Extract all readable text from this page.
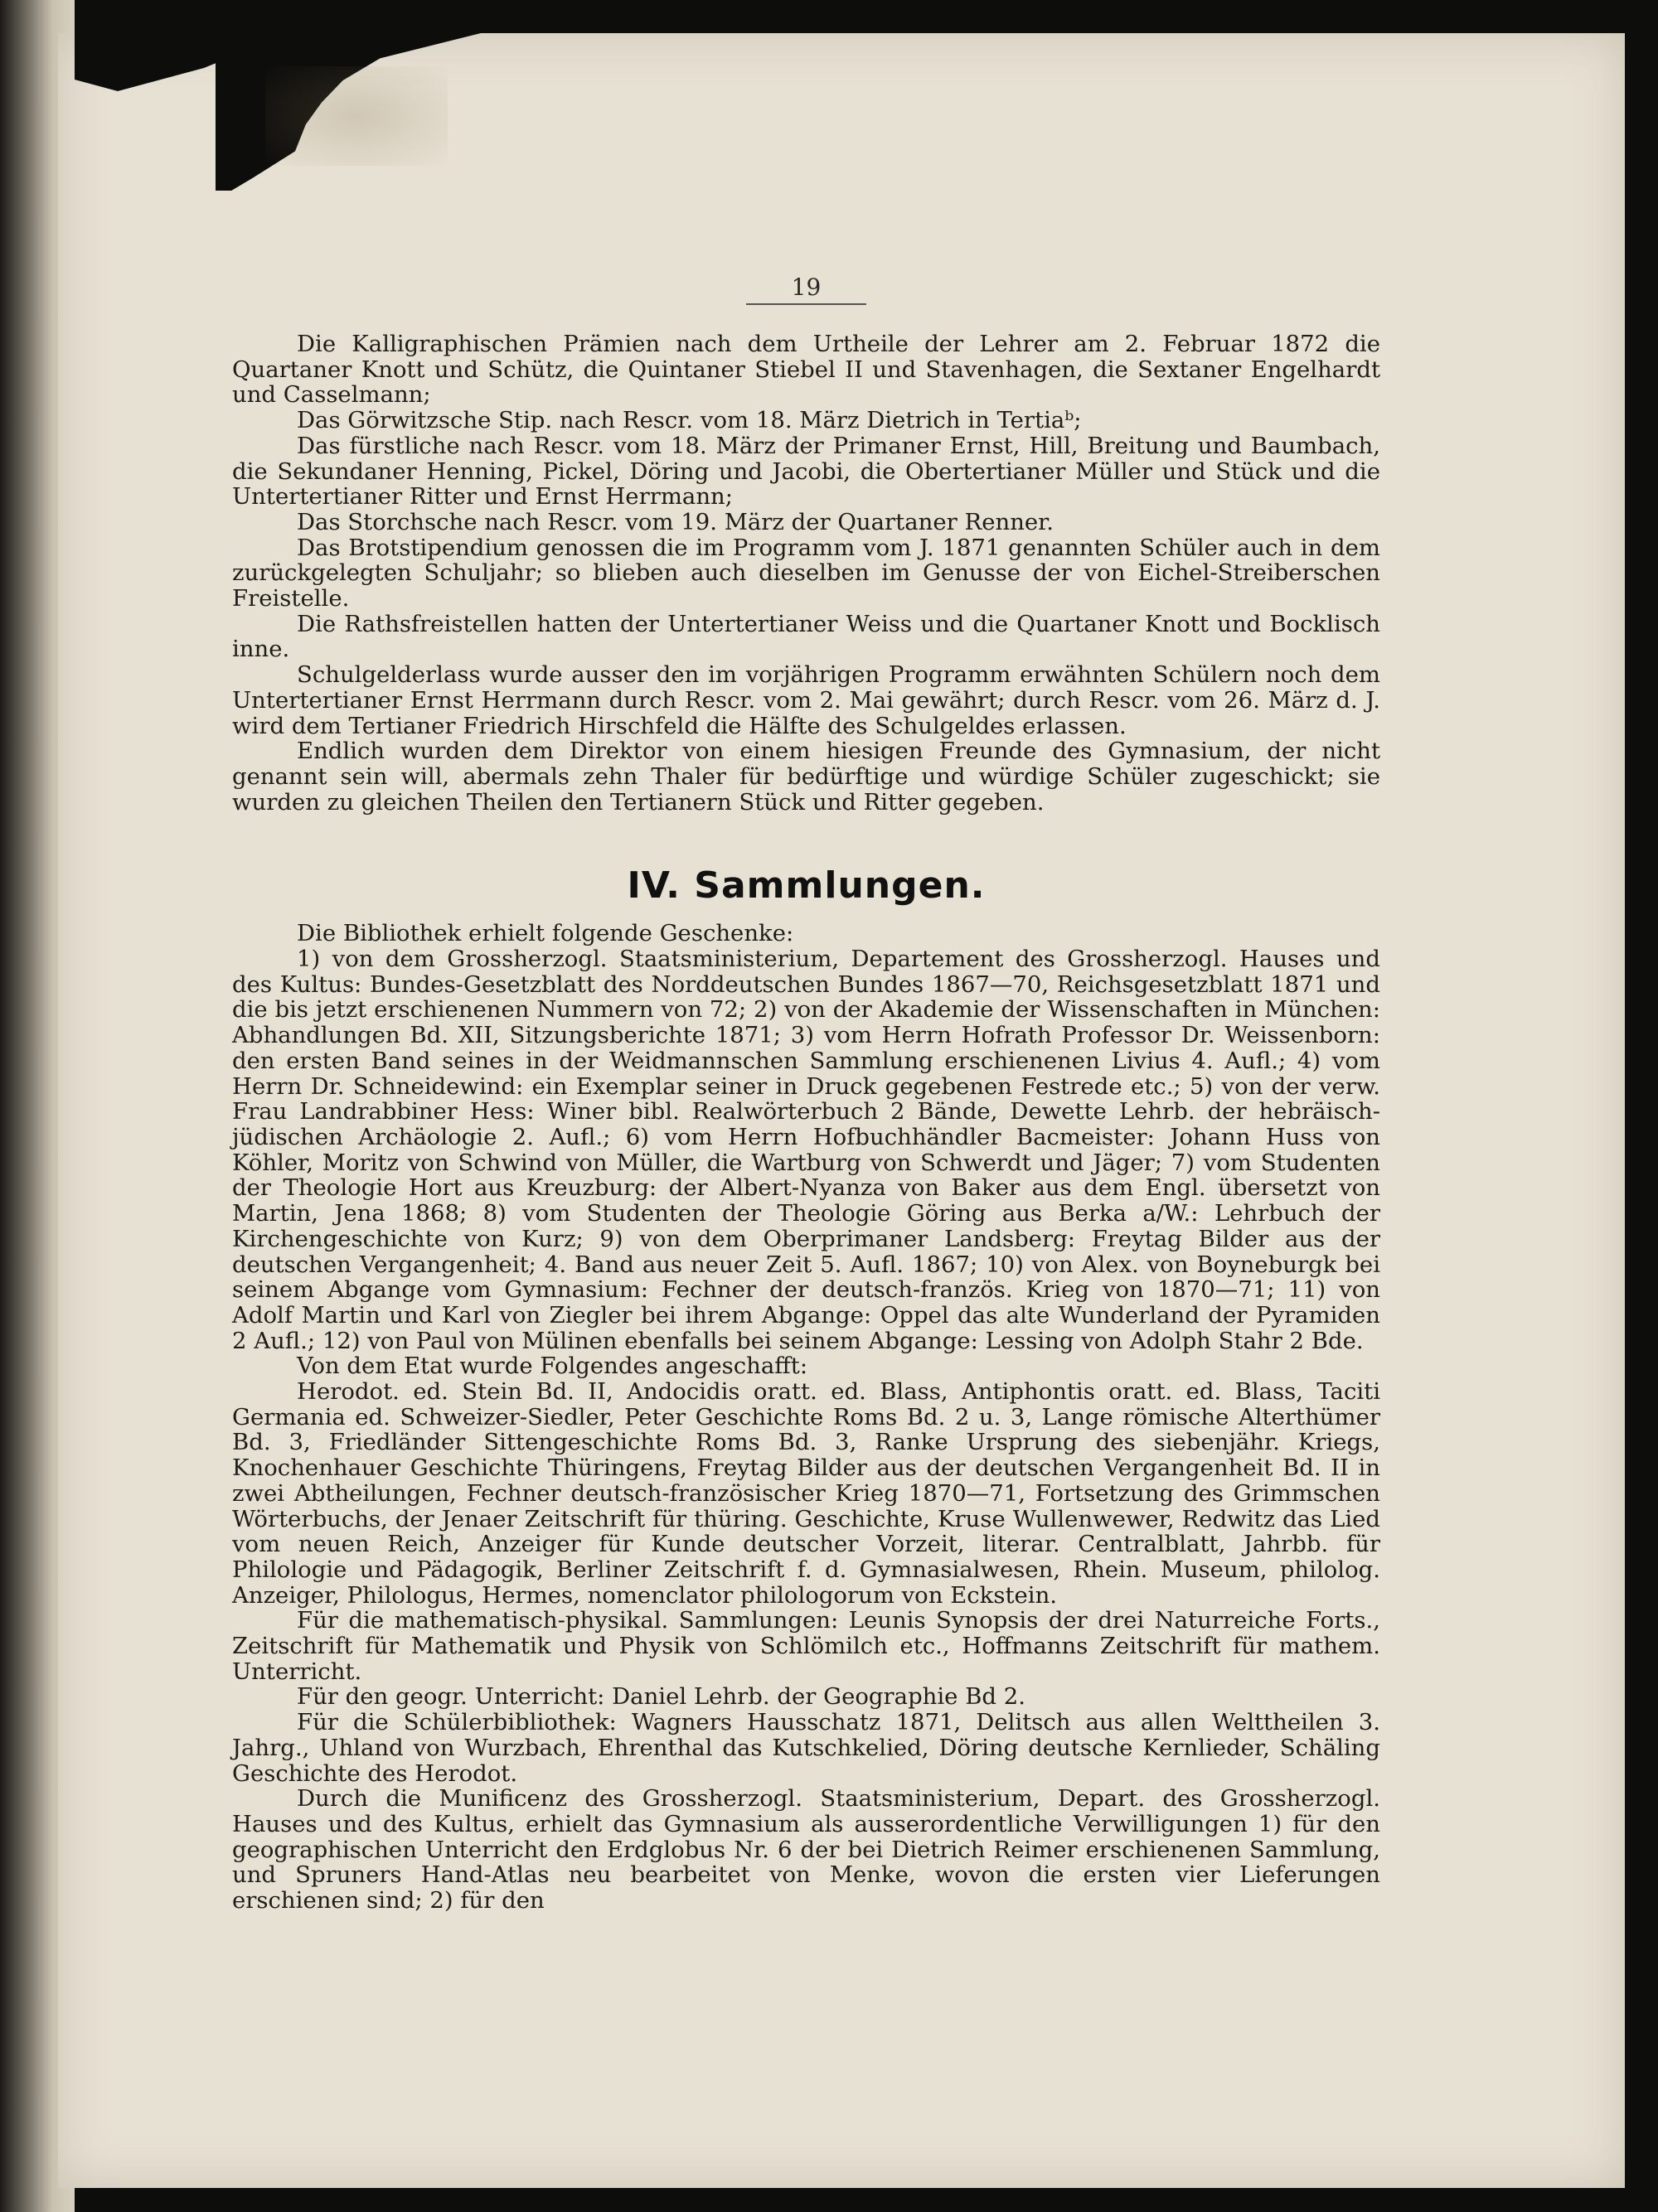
19

Die Kalligraphischen Prämien nach dem Urtheile der Lehrer am 2. Februar 1872 die Quartaner Knott und Schütz, die Quintaner Stiebel II und Stavenhagen, die Sextaner Engelhardt und Casselmann;

Das Görwitzsche Stip. nach Rescr. vom 18. März Dietrich in Tertiaᵇ;

Das fürstliche nach Rescr. vom 18. März der Primaner Ernst, Hill, Breitung und Baumbach, die Sekundaner Henning, Pickel, Döring und Jacobi, die Obertertianer Müller und Stück und die Untertertianer Ritter und Ernst Herrmann;

Das Storchsche nach Rescr. vom 19. März der Quartaner Renner.

Das Brotstipendium genossen die im Programm vom J. 1871 genannten Schüler auch in dem zurückgelegten Schuljahr; so blieben auch dieselben im Genusse der von Eichel-Streiberschen Freistelle.

Die Rathsfreistellen hatten der Untertertianer Weiss und die Quartaner Knott und Bocklisch inne.

Schulgelderlass wurde ausser den im vorjährigen Programm erwähnten Schülern noch dem Untertertianer Ernst Herrmann durch Rescr. vom 2. Mai gewährt; durch Rescr. vom 26. März d. J. wird dem Tertianer Friedrich Hirschfeld die Hälfte des Schulgeldes erlassen.

Endlich wurden dem Direktor von einem hiesigen Freunde des Gymnasium, der nicht genannt sein will, abermals zehn Thaler für bedürftige und würdige Schüler zugeschickt; sie wurden zu gleichen Theilen den Tertianern Stück und Ritter gegeben.

IV. Sammlungen.

Die Bibliothek erhielt folgende Geschenke:

1) von dem Grossherzogl. Staatsministerium, Departement des Grossherzogl. Hauses und des Kultus: Bundes-Gesetzblatt des Norddeutschen Bundes 1867—70, Reichsgesetzblatt 1871 und die bis jetzt erschienenen Nummern von 72; 2) von der Akademie der Wissenschaften in München: Abhandlungen Bd. XII, Sitzungsberichte 1871; 3) vom Herrn Hofrath Professor Dr. Weissenborn: den ersten Band seines in der Weidmannschen Sammlung erschienenen Livius 4. Aufl.; 4) vom Herrn Dr. Schneidewind: ein Exemplar seiner in Druck gegebenen Festrede etc.; 5) von der verw. Frau Landrabbiner Hess: Winer bibl. Realwörterbuch 2 Bände, Dewette Lehrb. der hebräisch-jüdischen Archäologie 2. Aufl.; 6) vom Herrn Hofbuchhändler Bacmeister: Johann Huss von Köhler, Moritz von Schwind von Müller, die Wartburg von Schwerdt und Jäger; 7) vom Studenten der Theologie Hort aus Kreuzburg: der Albert-Nyanza von Baker aus dem Engl. übersetzt von Martin, Jena 1868; 8) vom Studenten der Theologie Göring aus Berka a/W.: Lehrbuch der Kirchengeschichte von Kurz; 9) von dem Oberprimaner Landsberg: Freytag Bilder aus der deutschen Vergangenheit; 4. Band aus neuer Zeit 5. Aufl. 1867; 10) von Alex. von Boyneburgk bei seinem Abgange vom Gymnasium: Fechner der deutsch-französ. Krieg von 1870—71; 11) von Adolf Martin und Karl von Ziegler bei ihrem Abgange: Oppel das alte Wunderland der Pyramiden 2 Aufl.; 12) von Paul von Mülinen ebenfalls bei seinem Abgange: Lessing von Adolph Stahr 2 Bde.

Von dem Etat wurde Folgendes angeschafft:

Herodot. ed. Stein Bd. II, Andocidis oratt. ed. Blass, Antiphontis oratt. ed. Blass, Taciti Germania ed. Schweizer-Siedler, Peter Geschichte Roms Bd. 2 u. 3, Lange römische Alterthümer Bd. 3, Friedländer Sittengeschichte Roms Bd. 3, Ranke Ursprung des siebenjähr. Kriegs, Knochenhauer Geschichte Thüringens, Freytag Bilder aus der deutschen Vergangenheit Bd. II in zwei Abtheilungen, Fechner deutsch-französischer Krieg 1870—71, Fortsetzung des Grimmschen Wörterbuchs, der Jenaer Zeitschrift für thüring. Geschichte, Kruse Wullenwewer, Redwitz das Lied vom neuen Reich, Anzeiger für Kunde deutscher Vorzeit, literar. Centralblatt, Jahrbb. für Philologie und Pädagogik, Berliner Zeitschrift f. d. Gymnasialwesen, Rhein. Museum, philolog. Anzeiger, Philologus, Hermes, nomenclator philologorum von Eckstein.

Für die mathematisch-physikal. Sammlungen: Leunis Synopsis der drei Naturreiche Forts., Zeitschrift für Mathematik und Physik von Schlömilch etc., Hoffmanns Zeitschrift für mathem. Unterricht.

Für den geogr. Unterricht: Daniel Lehrb. der Geographie Bd 2.

Für die Schülerbibliothek: Wagners Hausschatz 1871, Delitsch aus allen Welttheilen 3. Jahrg., Uhland von Wurzbach, Ehrenthal das Kutschkelied, Döring deutsche Kernlieder, Schäling Geschichte des Herodot.

Durch die Munificenz des Grossherzogl. Staatsministerium, Depart. des Grossherzogl. Hauses und des Kultus, erhielt das Gymnasium als ausserordentliche Verwilligungen 1) für den geographischen Unterricht den Erdglobus Nr. 6 der bei Dietrich Reimer erschienenen Sammlung, und Spruners Hand-Atlas neu bearbeitet von Menke, wovon die ersten vier Lieferungen erschienen sind; 2) für den
